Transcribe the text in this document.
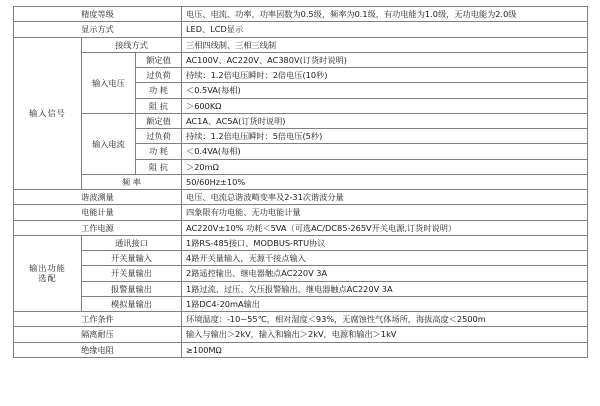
精度等级			电压、电流、功率、功率因数为0.5级，频率为0.1级，有功电能为1.0级，无功电能为2.0级
显示方式			LED、LCD显示
输入信号	接线方式		三相四线制、三相三线制
	输入电压	额定值	AC100V、AC220V、AC380V(订货时说明)
		过负荷	持续：1.2倍电压瞬时：2倍电压(10秒)
		功 耗	＜0.5VA(每相)
		阻 抗	＞600KΩ
	输入电流	额定值	AC1A、AC5A(订货时说明)
		过负荷	持续：1.2倍电压瞬时：5倍电压(5秒)
		功 耗	＜0.4VA(每相)
		阻 抗	＞20mΩ
	频 率		50/60Hz±10%
谐波测量			电压、电流总谐波畸变率及2-31次谐波分量
电能计量			四象限有功电能、无功电能计量
工作电源			AC220V±10% 功耗＜5VA（可选AC/DC85-265V开关电源,订货时说明）

输出功能
选配	通讯接口		1路RS-485接口、MODBUS-RTU协议
	开关量输入		4路开关量输入，无源干接点输入
	开关量输出		2路遥控输出、继电器触点AC220V 3A
	报警量输出		1路过流、过压、欠压报警输出、继电器触点AC220V 3A
	模拟量输出		1路DC4-20mA输出
工作条件			环境温度：-10~55℃，相对湿度＜93%，无腐蚀性气体场所，海拔高度＜2500m
隔离耐压			输入与输出＞2kV，输入和输出＞2kV，电源和输出＞1kV
绝缘电阻			≥100MΩ
